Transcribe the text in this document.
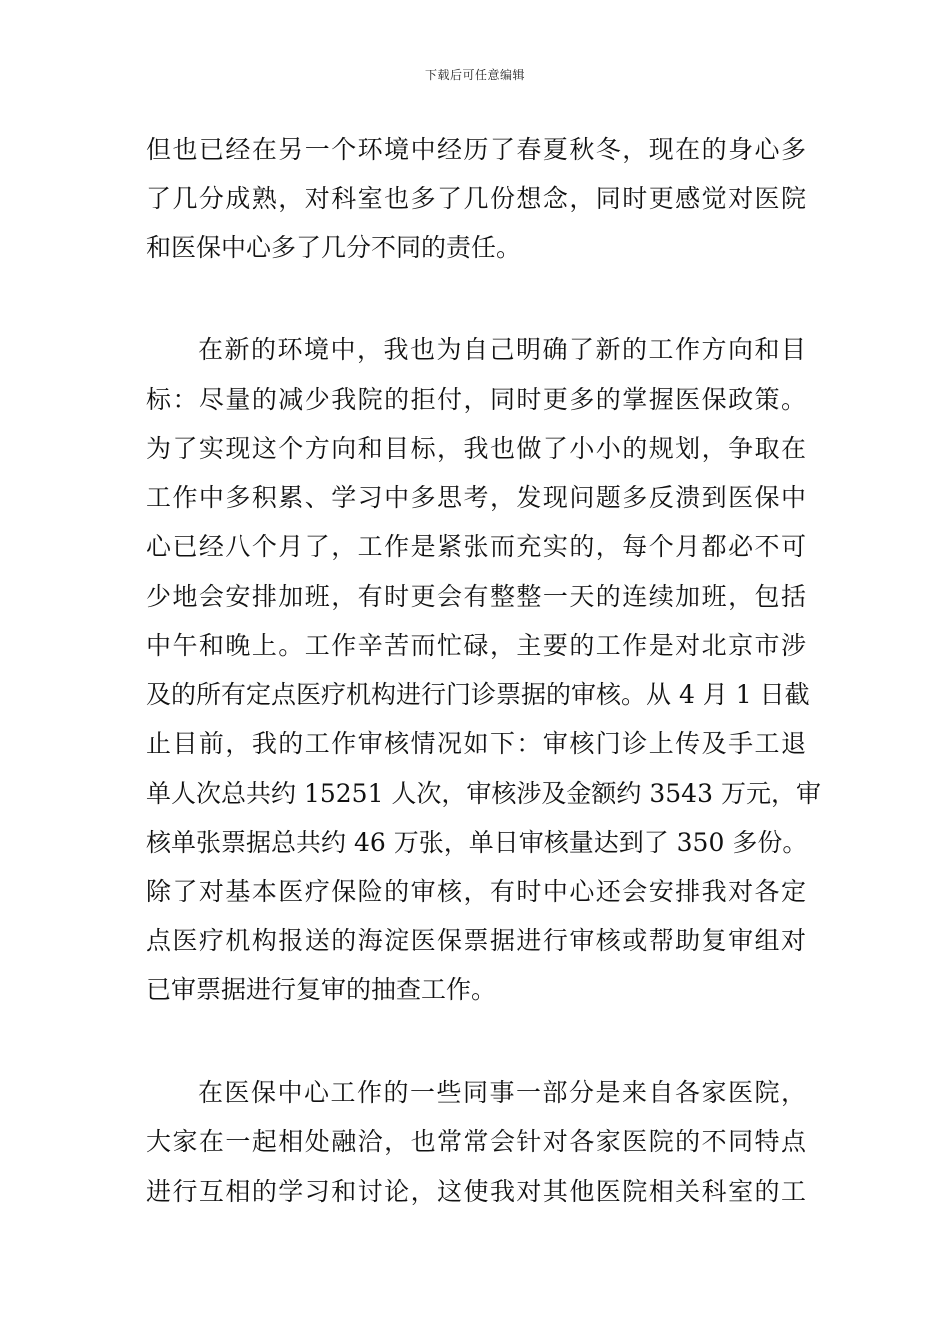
下载后可任意编辑
但也已经在另一个环境中经历了春夏秋冬，现在的身心多
了几分成熟，对科室也多了几份想念，同时更感觉对医院
和医保中心多了几分不同的责任。
在新的环境中，我也为自己明确了新的工作方向和目
标：尽量的减少我院的拒付，同时更多的掌握医保政策。
为了实现这个方向和目标，我也做了小小的规划，争取在
工作中多积累、学习中多思考，发现问题多反溃到医保中
心已经八个月了，工作是紧张而充实的，每个月都必不可
少地会安排加班，有时更会有整整一天的连续加班，包括
中午和晚上。工作辛苦而忙碌，主要的工作是对北京市涉
及的所有定点医疗机构进行门诊票据的审核。从 4 月 1 日截
止目前，我的工作审核情况如下：审核门诊上传及手工退
单人次总共约 15251 人次，审核涉及金额约 3543 万元，审
核单张票据总共约 46 万张，单日审核量达到了 350 多份。
除了对基本医疗保险的审核，有时中心还会安排我对各定
点医疗机构报送的海淀医保票据进行审核或帮助复审组对
已审票据进行复审的抽查工作。
在医保中心工作的一些同事一部分是来自各家医院，
大家在一起相处融洽，也常常会针对各家医院的不同特点
进行互相的学习和讨论，这使我对其他医院相关科室的工
